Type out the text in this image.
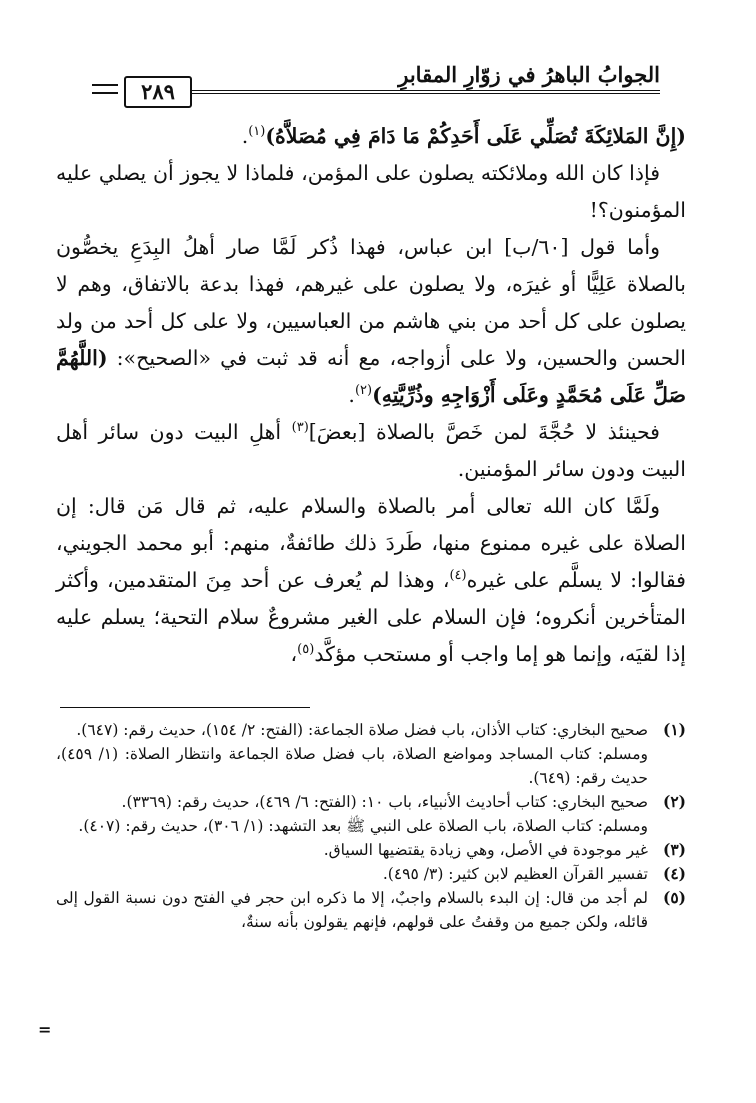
الجوابُ الباهرُ في زوّارِ المقابرِ
٢٨٩

(إِنَّ المَلائِكَةَ تُصَلِّي عَلَى أَحَدِكُمْ مَا دَامَ فِي مُصَلاَّهُ)$^{(١)}$.

فإذا كان الله وملائكته يصلون على المؤمن، فلماذا لا يجوز أن يصلي عليه المؤمنون؟!

وأما قول [٦٠/ب] ابن عباس، فهذا ذُكر لَمَّا صار أهلُ البِدَعِ يخصُّون بالصلاة عَلِيًّا أو غيرَه، ولا يصلون على غيرهم، فهذا بدعة بالاتفاق، وهم لا يصلون على كل أحد من بني هاشم من العباسيين، ولا على كل أحد من ولد الحسن والحسين، ولا على أزواجه، مع أنه قد ثبت في «الصحيح»: (اللَّهُمَّ صَلِّ عَلَى مُحَمَّدٍ وعَلَى أَزْوَاجِهِ وذُرِّيَّتِهِ)$^{(٢)}$.

فحينئذ لا حُجَّةَ لمن خَصَّ بالصلاة [بعضَ]$^{(٣)}$ أهلِ البيت دون سائر أهل البيت ودون سائر المؤمنين.

ولَمَّا كان الله تعالى أمر بالصلاة والسلام عليه، ثم قال مَن قال: إن الصلاة على غيره ممنوع منها، طَردَ ذلك طائفةٌ، منهم: أبو محمد الجويني، فقالوا: لا يسلَّم على غيره$^{(٤)}$، وهذا لم يُعرف عن أحد مِنَ المتقدمين، وأكثر المتأخرين أنكروه؛ فإن السلام على الغير مشروعٌ سلام التحية؛ يسلم عليه إذا لقيَه، وإنما هو إما واجب أو مستحب مؤكَّد$^{(٥)}$،

(١)
صحيح البخاري: كتاب الأذان، باب فضل صلاة الجماعة: (الفتح: ٢/ ١٥٤)، حديث رقم: (٦٤٧).

ومسلم: كتاب المساجد ومواضع الصلاة، باب فضل صلاة الجماعة وانتظار الصلاة: (١/ ٤٥٩)، حديث رقم: (٦٤٩).

(٢)
صحيح البخاري: كتاب أحاديث الأنبياء، باب ١٠: (الفتح: ٦/ ٤٦٩)، حديث رقم: (٣٣٦٩).

ومسلم: كتاب الصلاة، باب الصلاة على النبي ﷺ بعد التشهد: (١/ ٣٠٦)، حديث رقم: (٤٠٧).

(٣)
غير موجودة في الأصل، وهي زيادة يقتضيها السياق.

(٤)
تفسير القرآن العظيم لابن كثير: (٣/ ٤٩٥).

(٥)
لم أجد من قال: إن البدء بالسلام واجبٌ، إلا ما ذكره ابن حجر في الفتح دون نسبة القول إلى قائله، ولكن جميع من وقفتُ على قولهم، فإنهم يقولون بأنه سنةٌ،

=
